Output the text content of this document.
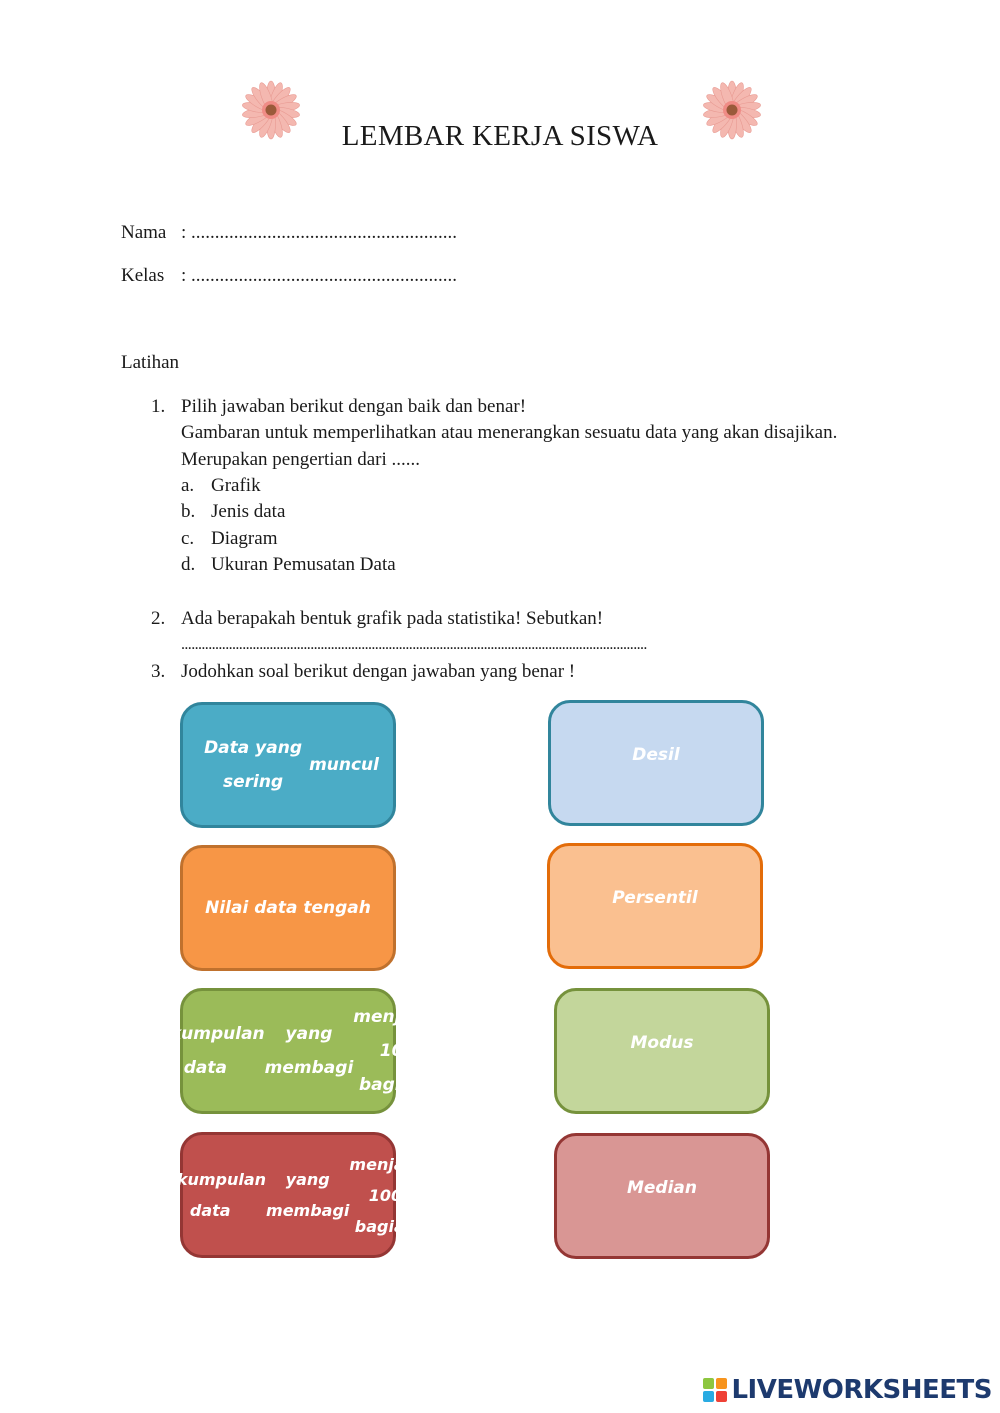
LEMBAR KERJA SISWA
Nama : ........................................................
Kelas : ........................................................
Latihan
1. Pilih jawaban berikut dengan baik dan benar!
Gambaran untuk memperlihatkan atau menerangkan sesuatu data yang akan disajikan.
Merupakan pengertian dari ......
a. Grafik
b. Jenis data
c. Diagram
d. Ukuran Pemusatan Data
2. Ada berapakah bentuk grafik pada statistika! Sebutkan!
.........................................................................................................................................
3. Jodohkan soal berikut dengan jawaban yang benar !
Data yang sering
muncul
Nilai data tengah
Sekumpulan data
yang membagi
menjadi 10 bagian
Sekumpulan data
yang membagi
menjadi 100 bagian
Desil
Persentil
Modus
Median
LIVEWORKSHEETS
